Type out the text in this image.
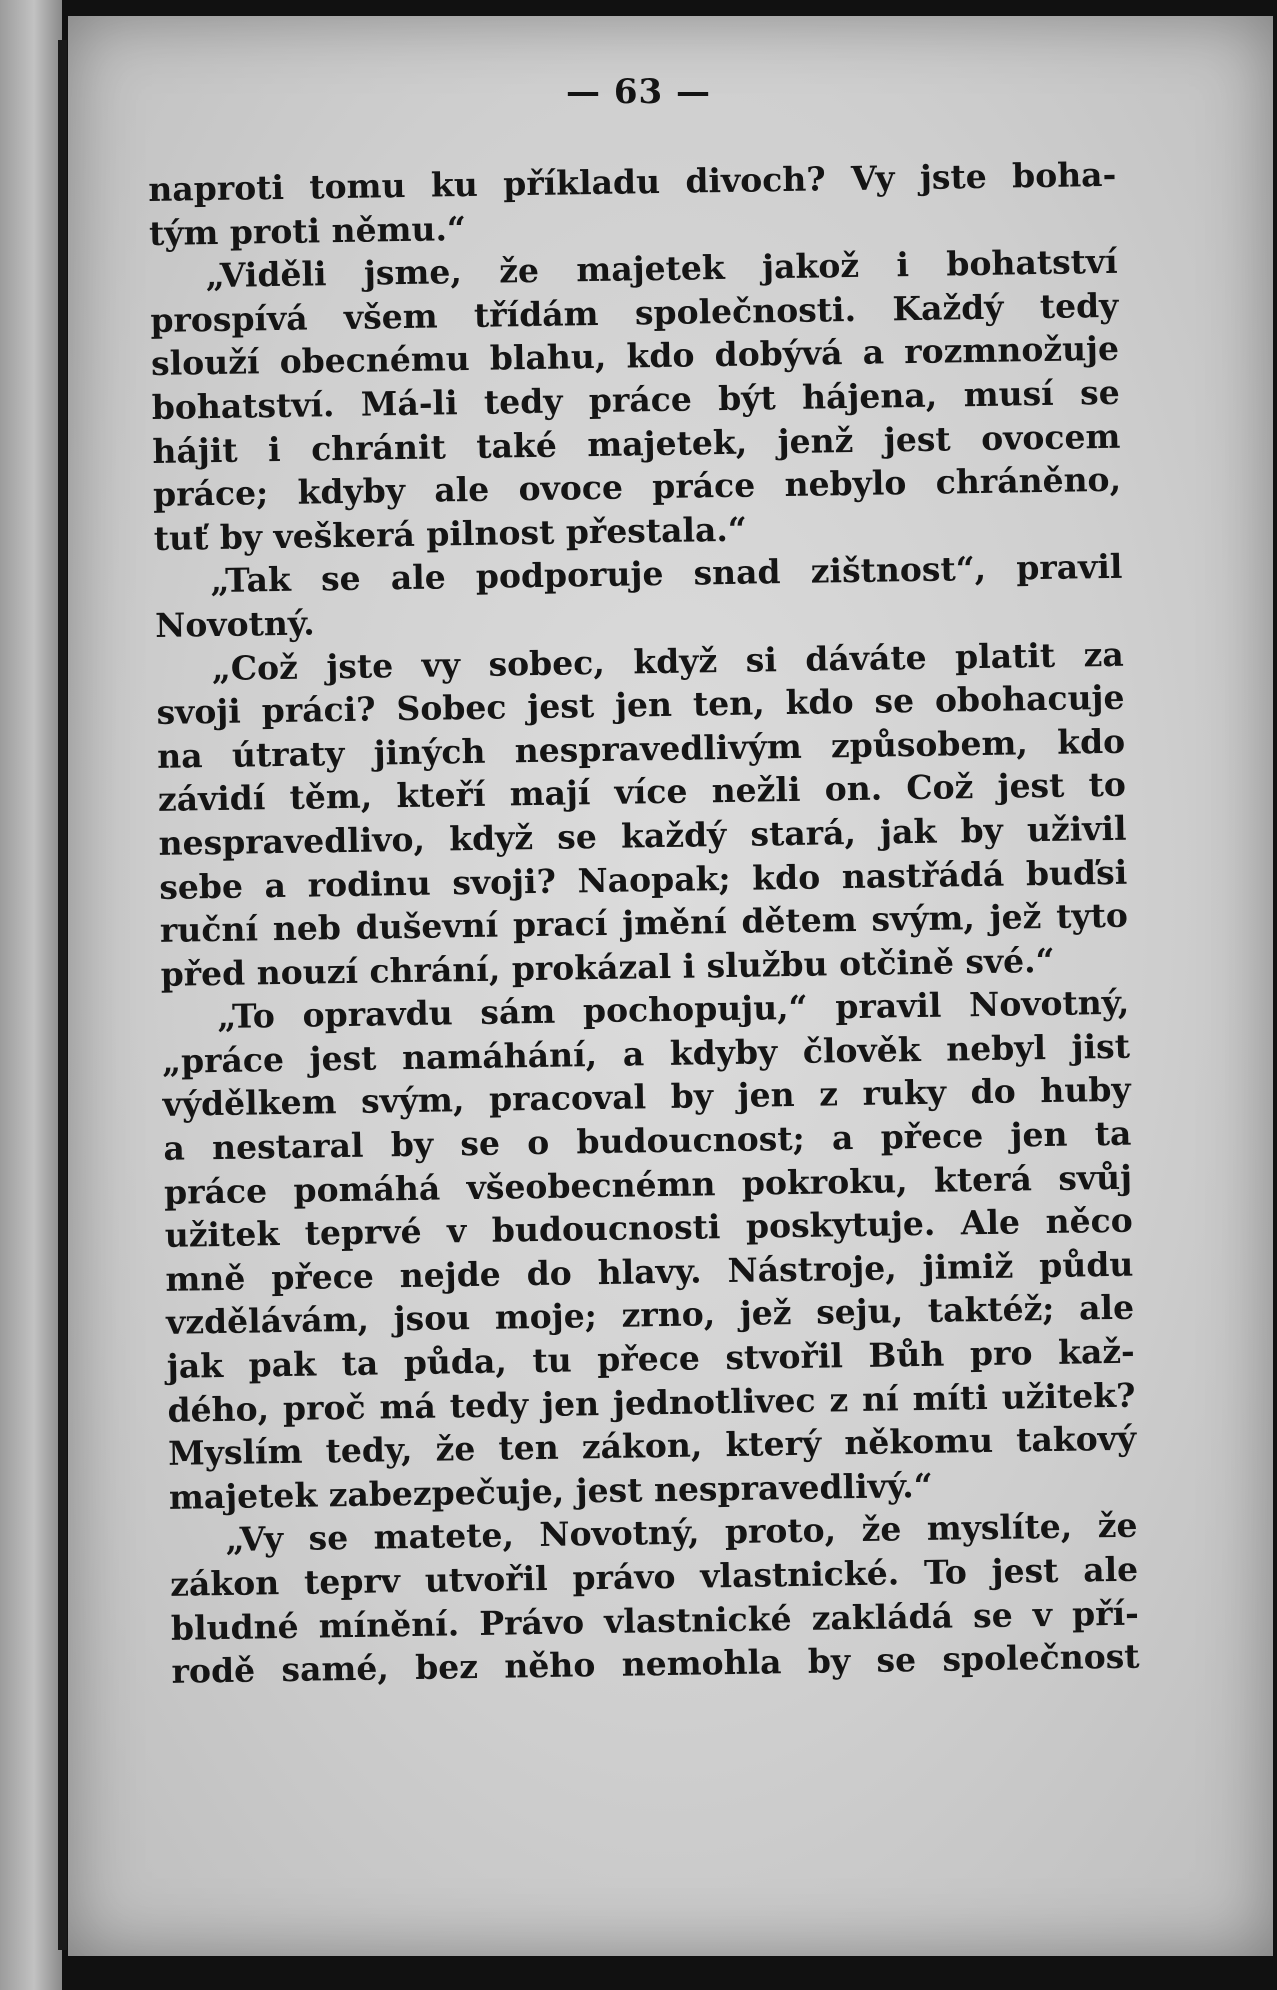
— 63 —
naproti tomu ku příkladu divoch? Vy jste boha-
tým proti němu.“
„Viděli jsme, že majetek jakož i bohatství
prospívá všem třídám společnosti. Každý tedy
slouží obecnému blahu, kdo dobývá a rozmnožuje
bohatství. Má-li tedy práce být hájena, musí se
hájit i chránit také majetek, jenž jest ovocem
práce; kdyby ale ovoce práce nebylo chráněno,
tuť by veškerá pilnost přestala.“
„Tak se ale podporuje snad zištnost“, pravil
Novotný.
„Což jste vy sobec, když si dáváte platit za
svoji práci? Sobec jest jen ten, kdo se obohacuje
na útraty jiných nespravedlivým způsobem, kdo
závidí těm, kteří mají více nežli on. Což jest to
nespravedlivo, když se každý stará, jak by uživil
sebe a rodinu svoji? Naopak; kdo nastřádá buďsi
ruční neb duševní prací jmění dětem svým, jež tyto
před nouzí chrání, prokázal i službu otčině své.“
„To opravdu sám pochopuju,“ pravil Novotný,
„práce jest namáhání, a kdyby člověk nebyl jist
výdělkem svým, pracoval by jen z ruky do huby
a nestaral by se o budoucnost; a přece jen ta
práce pomáhá všeobecnémn pokroku, která svůj
užitek teprvé v budoucnosti poskytuje. Ale něco
mně přece nejde do hlavy. Nástroje, jimiž půdu
vzdělávám, jsou moje; zrno, jež seju, taktéž; ale
jak pak ta půda, tu přece stvořil Bůh pro kaž-
dého, proč má tedy jen jednotlivec z ní míti užitek?
Myslím tedy, že ten zákon, který někomu takový
majetek zabezpečuje, jest nespravedlivý.“
„Vy se matete, Novotný, proto, že myslíte, že
zákon teprv utvořil právo vlastnické. To jest ale
bludné mínění. Právo vlastnické zakládá se v pří-
rodě samé, bez něho nemohla by se společnost
